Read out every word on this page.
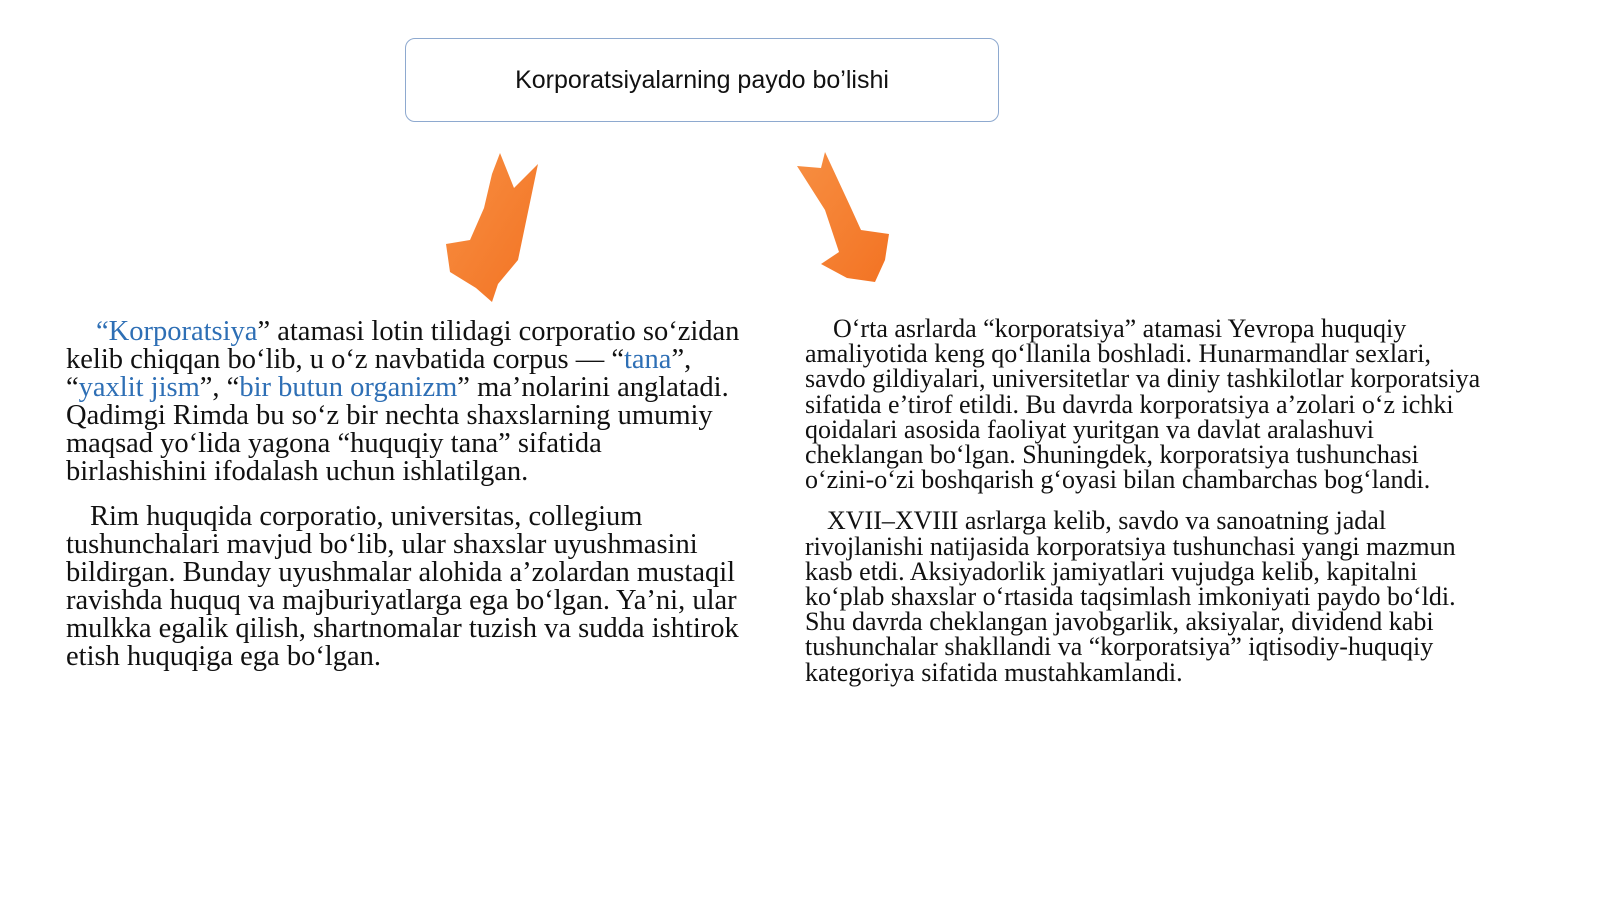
Korporatsiyalarning paydo bo’lishi

“Korporatsiya” atamasi lotin tilidagi corporatio so‘zidan kelib chiqqan bo‘lib, u o‘z navbatida corpus — “tana”, “yaxlit jism”, “bir butun organizm” ma’nolarini anglatadi. Qadimgi Rimda bu so‘z bir nechta shaxslarning umumiy maqsad yo‘lida yagona “huquqiy tana” sifatida birlashishini ifodalash uchun ishlatilgan.

Rim huquqida corporatio, universitas, collegium tushunchalari mavjud bo‘lib, ular shaxslar uyushmasini bildirgan. Bunday uyushmalar alohida a’zolardan mustaqil ravishda huquq va majburiyatlarga ega bo‘lgan. Ya’ni, ular mulkka egalik qilish, shartnomalar tuzish va sudda ishtirok etish huquqiga ega bo‘lgan.

O‘rta asrlarda “korporatsiya” atamasi Yevropa huquqiy amaliyotida keng qo‘llanila boshladi. Hunarmandlar sexlari, savdo gildiyalari, universitetlar va diniy tashkilotlar korporatsiya sifatida e’tirof etildi. Bu davrda korporatsiya a’zolari o‘z ichki qoidalari asosida faoliyat yuritgan va davlat aralashuvi cheklangan bo‘lgan. Shuningdek, korporatsiya tushunchasi o‘zini-o‘zi boshqarish g‘oyasi bilan chambarchas bog‘landi.

XVII–XVIII asrlarga kelib, savdo va sanoatning jadal rivojlanishi natijasida korporatsiya tushunchasi yangi mazmun kasb etdi. Aksiyadorlik jamiyatlari vujudga kelib, kapitalni ko‘plab shaxslar o‘rtasida taqsimlash imkoniyati paydo bo‘ldi. Shu davrda cheklangan javobgarlik, aksiyalar, dividend kabi tushunchalar shakllandi va “korporatsiya” iqtisodiy-huquqiy kategoriya sifatida mustahkamlandi.
